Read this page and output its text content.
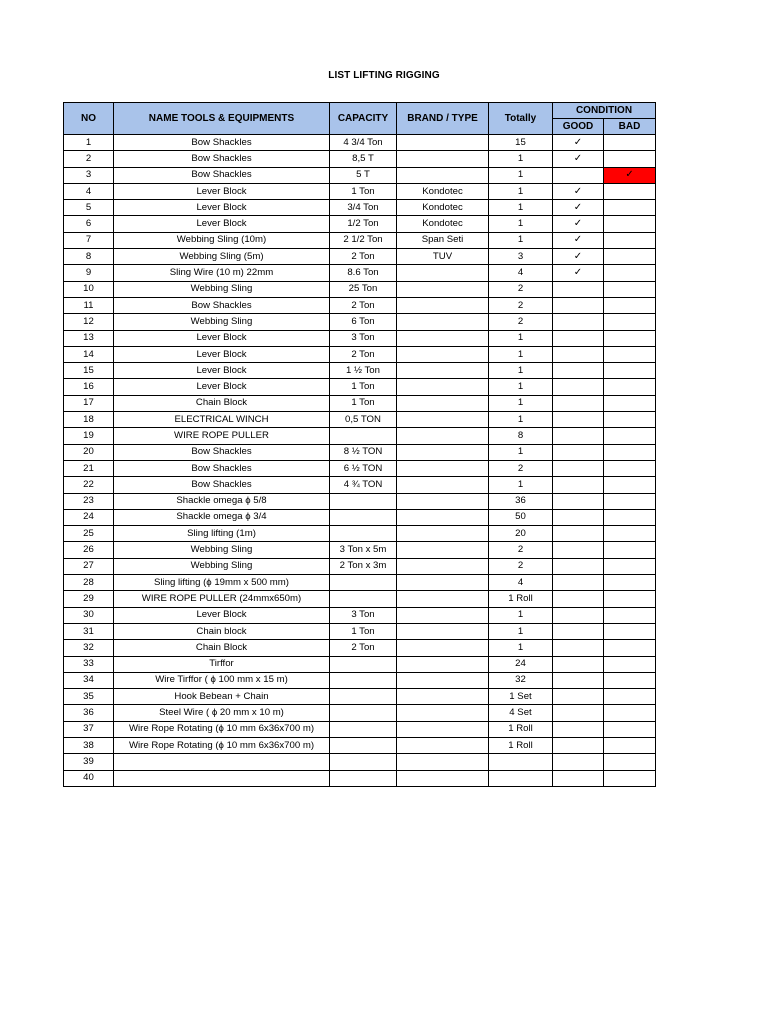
LIST LIFTING RIGGING
NO	NAME TOOLS & EQUIPMENTS	CAPACITY	BRAND / TYPE	Totally	CONDITION	
					GOOD	BAD
1	Bow Shackles	4 3/4 Ton		15	✓	
2	Bow Shackles	8,5 T		1	✓	
3	Bow Shackles	5 T		1		✓
4	Lever Block	1 Ton	Kondotec	1	✓	
5	Lever Block	3/4 Ton	Kondotec	1	✓	
6	Lever Block	1/2 Ton	Kondotec	1	✓	
7	Webbing Sling (10m)	2 1/2 Ton	Span Seti	1	✓	
8	Webbing Sling (5m)	2 Ton	TUV	3	✓	
9	Sling Wire (10 m) 22mm	8.6 Ton		4	✓	
10	Webbing Sling	25 Ton		2		
11	Bow Shackles	2 Ton		2		
12	Webbing Sling	6 Ton		2		
13	Lever Block	3 Ton		1		
14	Lever Block	2 Ton		1		
15	Lever Block	1 ½ Ton		1		
16	Lever Block	1 Ton		1		
17	Chain Block	1 Ton		1		
18	ELECTRICAL WINCH	0,5 TON		1		
19	WIRE ROPE PULLER			8		
20	Bow Shackles	8 ½ TON		1		
21	Bow Shackles	6 ½ TON		2		
22	Bow Shackles	4 ¾ TON		1		
23	Shackle omega ϕ 5/8			36		
24	Shackle omega ϕ 3/4			50		
25	Sling lifting (1m)			20		
26	Webbing Sling	3 Ton x 5m		2		
27	Webbing Sling	2 Ton x 3m		2		
28	Sling lifting (ϕ 19mm x 500 mm)			4		
29	WIRE ROPE PULLER (24mmx650m)			1 Roll		
30	Lever Block	3 Ton		1		
31	Chain block	1 Ton		1		
32	Chain Block	2 Ton		1		
33	Tirffor			24		
34	Wire Tirffor ( ϕ 100 mm x 15 m)			32		
35	Hook Bebean + Chain			1 Set		
36	Steel Wire ( ϕ 20 mm x 10 m)			4 Set		
37	Wire Rope Rotating (ϕ 10 mm 6x36x700 m)			1 Roll		
38	Wire Rope Rotating (ϕ 10 mm 6x36x700 m)			1 Roll		
39						
40						
